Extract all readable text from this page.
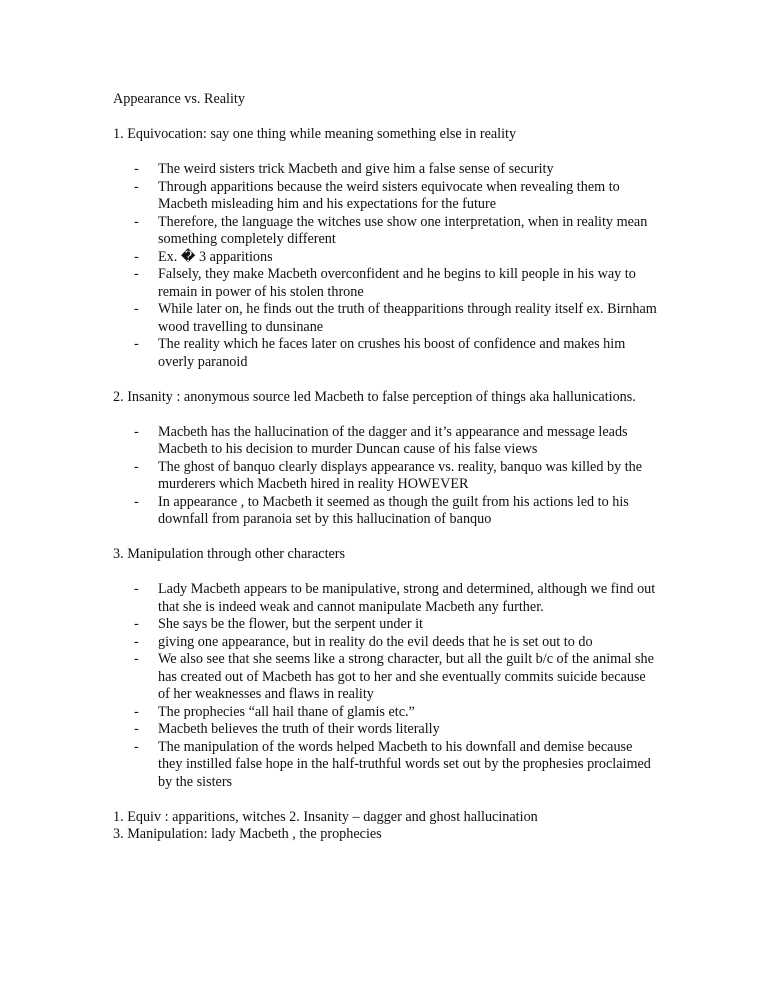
Appearance vs. Reality

1. Equivocation: say one thing while meaning something else in reality

- The weird sisters trick Macbeth and give him a false sense of security
- Through apparitions because the weird sisters equivocate when revealing them to Macbeth misleading him and his expectations for the future
- Therefore, the language the witches use show one interpretation, when in reality mean something completely different
- Ex. � 3 apparitions
- Falsely, they make Macbeth overconfident and he begins to kill people in his way to remain in power of his stolen throne
- While later on, he finds out the truth of theapparitions through reality itself ex. Birnham wood travelling to dunsinane
- The reality which he faces later on crushes his boost of confidence and makes him overly paranoid

2. Insanity : anonymous source led Macbeth to false perception of things aka hallunications.

- Macbeth has the hallucination of the dagger and it’s appearance and message leads Macbeth to his decision to murder Duncan cause of his false views
- The ghost of banquo clearly displays appearance vs. reality, banquo was killed by the murderers which Macbeth hired in reality HOWEVER
- In appearance , to Macbeth it seemed as though the guilt from his actions led to his downfall from paranoia set by this hallucination of banquo

3. Manipulation through other characters

- Lady Macbeth appears to be manipulative, strong and determined, although we find out that she is indeed weak and cannot manipulate Macbeth any further.
- She says be the flower, but the serpent under it
- giving one appearance, but in reality do the evil deeds that he is set out to do
- We also see that she seems like a strong character, but all the guilt b/c of the animal she has created out of Macbeth has got to her and she eventually commits suicide because of her weaknesses and flaws in reality
- The prophecies “all hail thane of glamis etc.”
- Macbeth believes the truth of their words literally
- The manipulation of the words helped Macbeth to his downfall and demise because they instilled false hope in the half-truthful words set out by the prophesies proclaimed by the sisters

1. Equiv : apparitions, witches 2. Insanity – dagger and ghost hallucination

3. Manipulation: lady Macbeth , the prophecies
